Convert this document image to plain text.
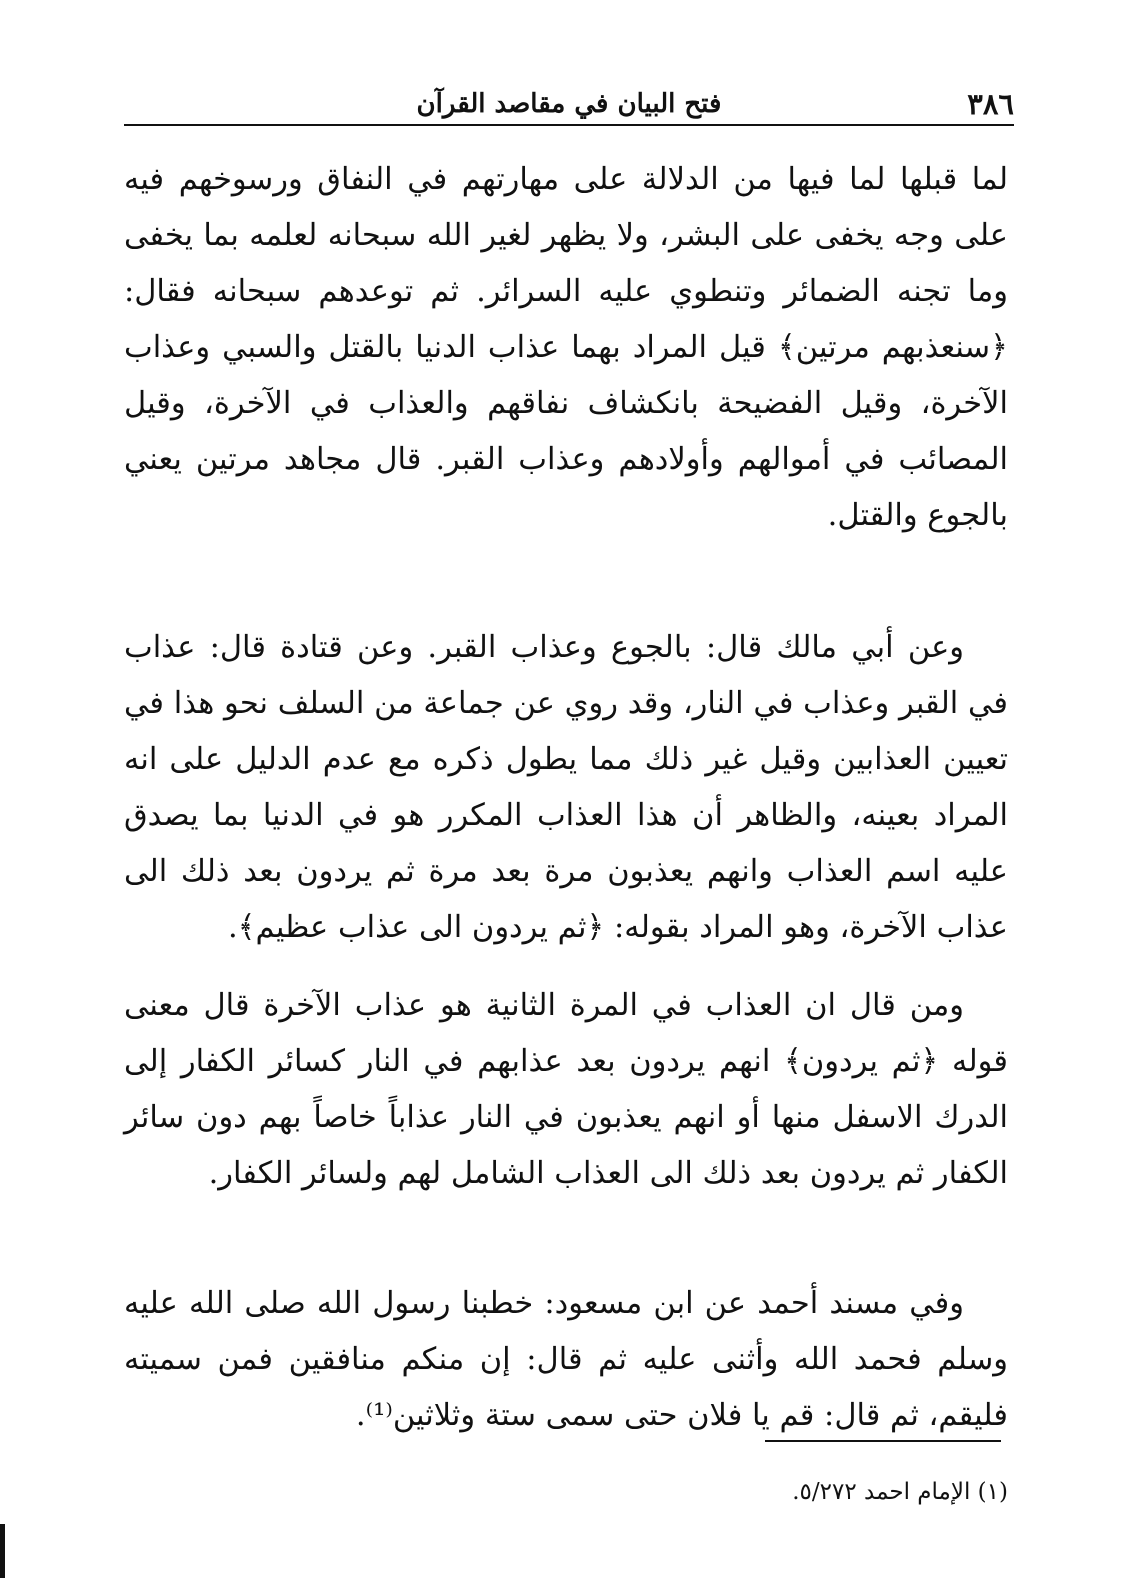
٣٨٦
فتح البيان في مقاصد القرآن

لما قبلها لما فيها من الدلالة على مهارتهم في النفاق ورسوخهم فيه على وجه يخفى على البشر، ولا يظهر لغير الله سبحانه لعلمه بما يخفى وما تجنه الضمائر وتنطوي عليه السرائر. ثم توعدهم سبحانه فقال: ﴿سنعذبهم مرتين﴾ قيل المراد بهما عذاب الدنيا بالقتل والسبي وعذاب الآخرة، وقيل الفضيحة بانكشاف نفاقهم والعذاب في الآخرة، وقيل المصائب في أموالهم وأولادهم وعذاب القبر. قال مجاهد مرتين يعني بالجوع والقتل.

وعن أبي مالك قال: بالجوع وعذاب القبر. وعن قتادة قال: عذاب في القبر وعذاب في النار، وقد روي عن جماعة من السلف نحو هذا في تعيين العذابين وقيل غير ذلك مما يطول ذكره مع عدم الدليل على انه المراد بعينه، والظاهر أن هذا العذاب المكرر هو في الدنيا بما يصدق عليه اسم العذاب وانهم يعذبون مرة بعد مرة ثم يردون بعد ذلك الى عذاب الآخرة، وهو المراد بقوله: ﴿ثم يردون الى عذاب عظيم﴾.

ومن قال ان العذاب في المرة الثانية هو عذاب الآخرة قال معنى قوله ﴿ثم يردون﴾ انهم يردون بعد عذابهم في النار كسائر الكفار إلى الدرك الاسفل منها أو انهم يعذبون في النار عذاباً خاصاً بهم دون سائر الكفار ثم يردون بعد ذلك الى العذاب الشامل لهم ولسائر الكفار.

وفي مسند أحمد عن ابن مسعود: خطبنا رسول الله صلى الله عليه وسلم فحمد الله وأثنى عليه ثم قال: إن منكم منافقين فمن سميته فليقم، ثم قال: قم يا فلان حتى سمى ستة وثلاثين⁽¹⁾.

(١) الإمام احمد ٥/٢٧٢.
